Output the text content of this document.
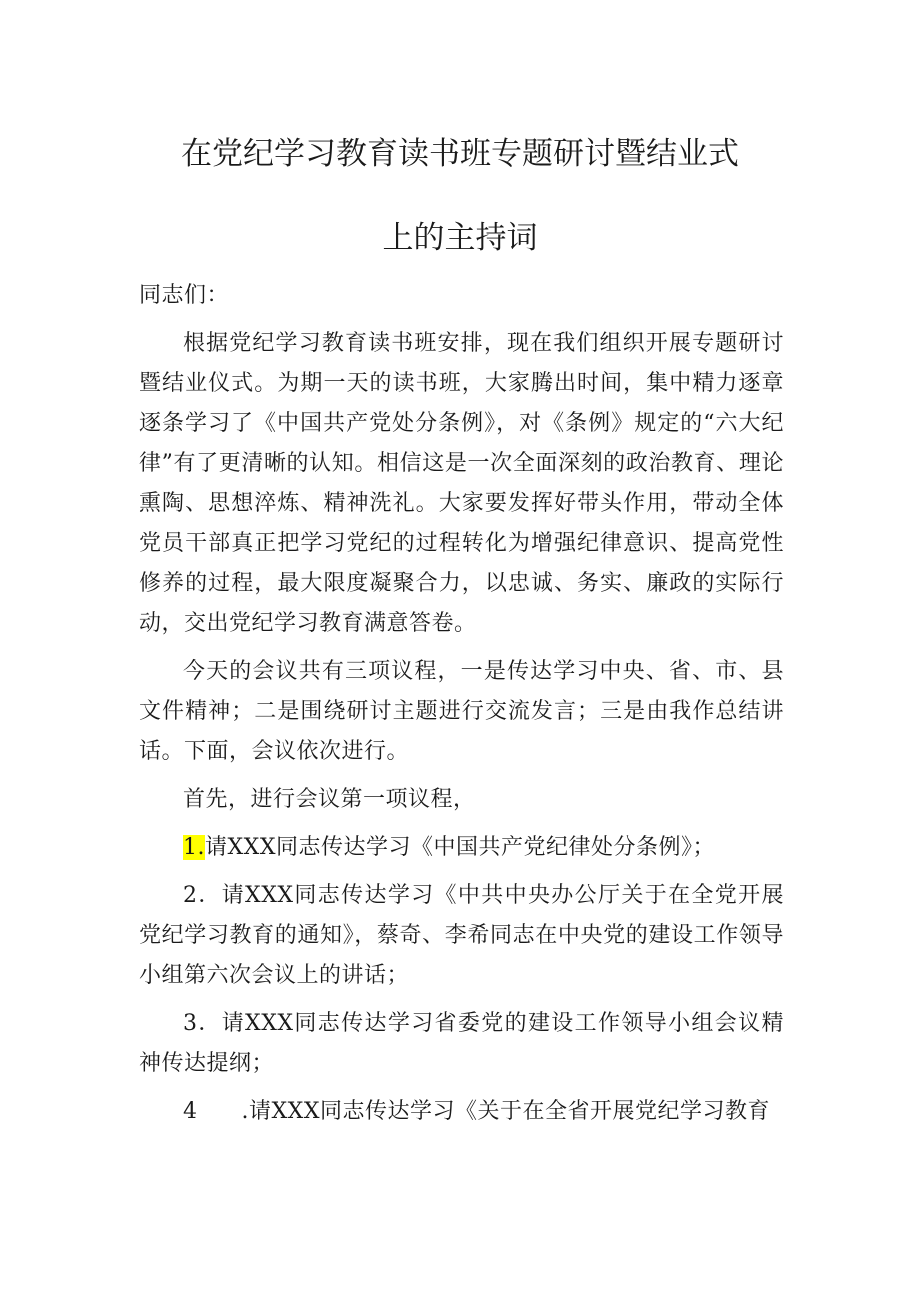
在党纪学习教育读书班专题研讨暨结业式
上的主持词

同志们：

根据党纪学习教育读书班安排，现在我们组织开展专题研讨暨结业仪式。为期一天的读书班，大家腾出时间，集中精力逐章逐条学习了《中国共产党处分条例》，对《条例》规定的“六大纪律”有了更清晰的认知。相信这是一次全面深刻的政治教育、理论熏陶、思想淬炼、精神洗礼。大家要发挥好带头作用，带动全体党员干部真正把学习党纪的过程转化为增强纪律意识、提高党性修养的过程，最大限度凝聚合力，以忠诚、务实、廉政的实际行动，交出党纪学习教育满意答卷。

今天的会议共有三项议程，一是传达学习中央、省、市、县文件精神；二是围绕研讨主题进行交流发言；三是由我作总结讲话。下面，会议依次进行。

首先，进行会议第一项议程，

1.请XXX同志传达学习《中国共产党纪律处分条例》；

2．请XXX同志传达学习《中共中央办公厅关于在全党开展党纪学习教育的通知》，蔡奇、李希同志在中央党的建设工作领导小组第六次会议上的讲话；

3．请XXX同志传达学习省委党的建设工作领导小组会议精神传达提纲；

4 .请XXX同志传达学习《关于在全省开展党纪学习教育
